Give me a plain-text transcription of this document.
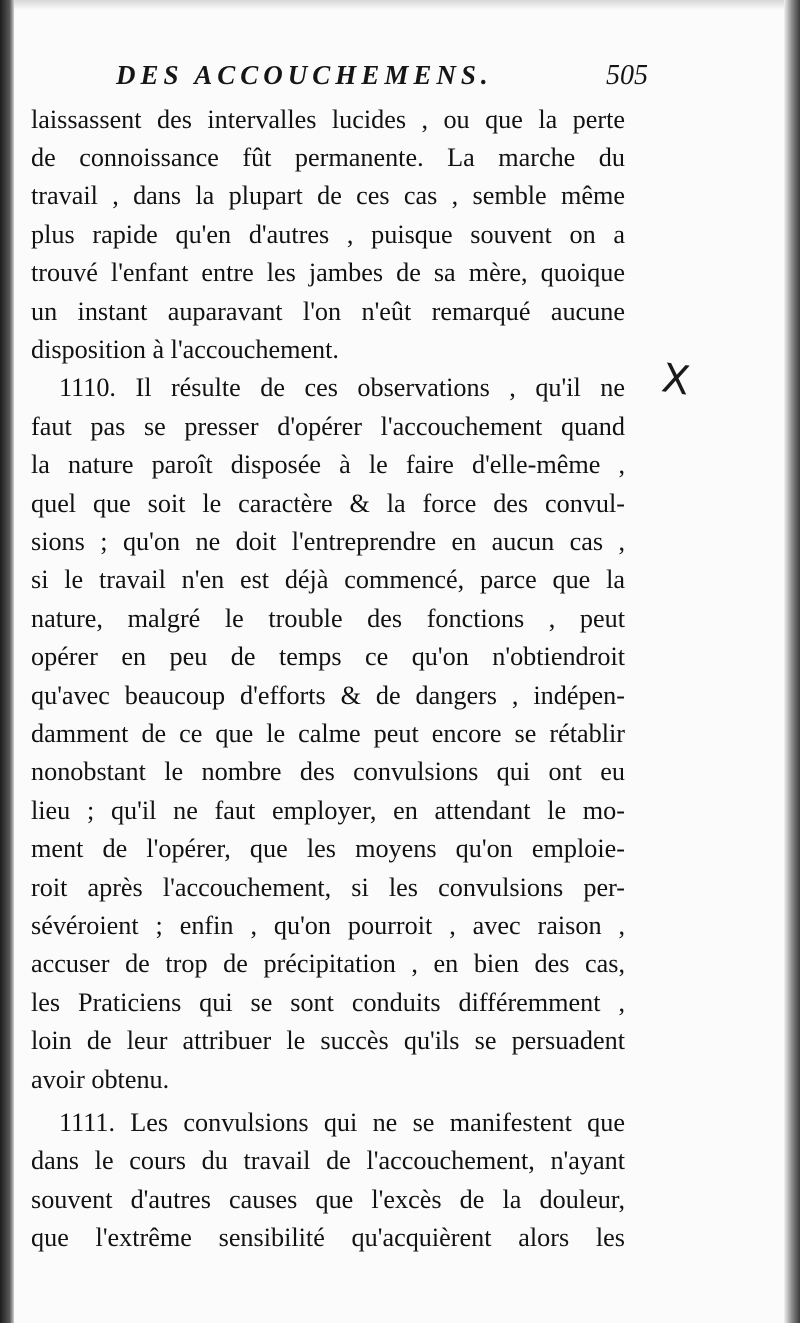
DES ACCOUCHEMENS.	505
X
laissassent des intervalles lucides , ou que la perte
de connoissance fût permanente. La marche du
travail , dans la plupart de ces cas , semble même
plus rapide qu'en d'autres , puisque souvent on a
trouvé l'enfant entre les jambes de sa mère, quoique
un instant auparavant l'on n'eût remarqué aucune
disposition à l'accouchement.
1110. Il résulte de ces observations , qu'il ne
faut pas se presser d'opérer l'accouchement quand
la nature paroît disposée à le faire d'elle-même ,
quel que soit le caractère & la force des convul-
sions ; qu'on ne doit l'entreprendre en aucun cas ,
si le travail n'en est déjà commencé, parce que la
nature, malgré le trouble des fonctions , peut
opérer en peu de temps ce qu'on n'obtiendroit
qu'avec beaucoup d'efforts & de dangers , indépen-
damment de ce que le calme peut encore se rétablir
nonobstant le nombre des convulsions qui ont eu
lieu ; qu'il ne faut employer, en attendant le mo-
ment de l'opérer, que les moyens qu'on emploie-
roit après l'accouchement, si les convulsions per-
sévéroient ; enfin , qu'on pourroit , avec raison ,
accuser de trop de précipitation , en bien des cas,
les Praticiens qui se sont conduits différemment ,
loin de leur attribuer le succès qu'ils se persuadent
avoir obtenu.
1111. Les convulsions qui ne se manifestent que
dans le cours du travail de l'accouchement, n'ayant
souvent d'autres causes que l'excès de la douleur,
que l'extrême sensibilité qu'acquièrent alors les
